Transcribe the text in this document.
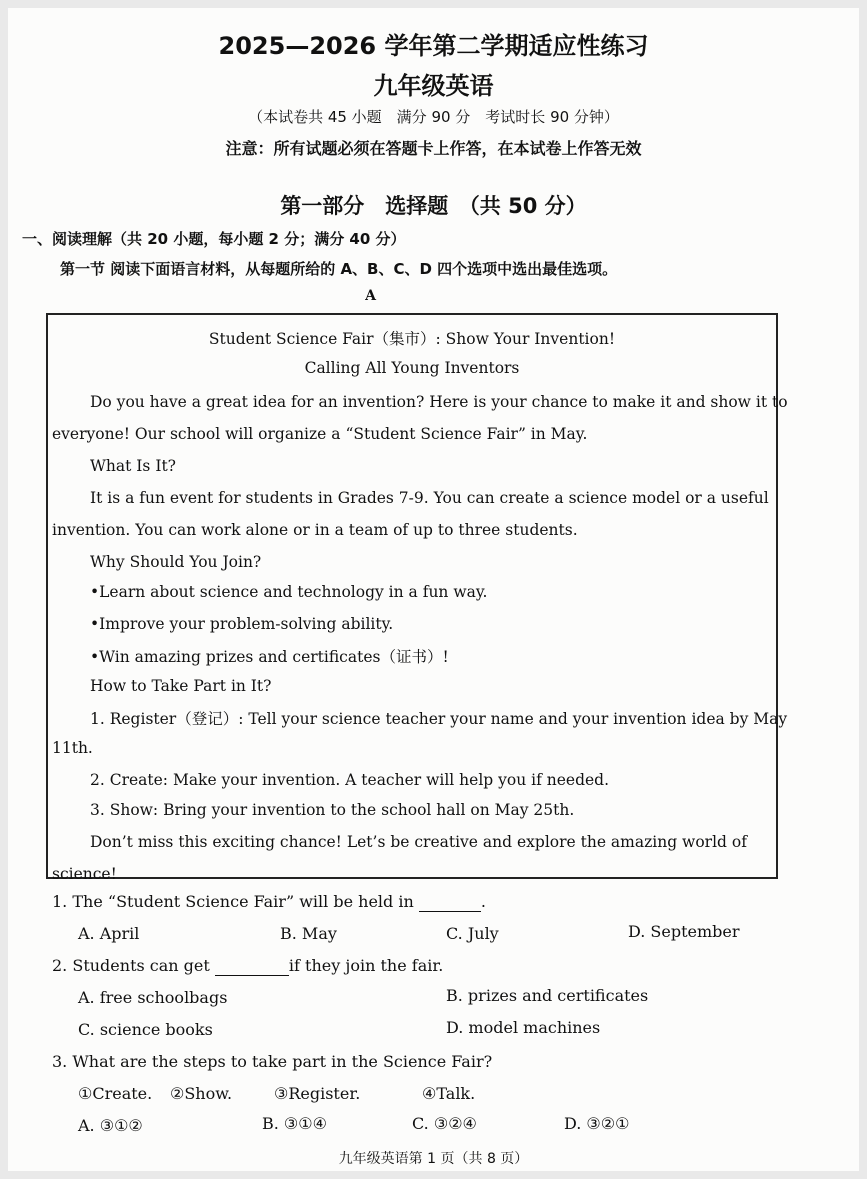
2025—2026 学年第二学期适应性练习
九年级英语
（本试卷共 45 小题　满分 90 分　考试时长 90 分钟）
注意：所有试题必须在答题卡上作答，在本试卷上作答无效
第一部分　选择题　（共 50 分）
一、阅读理解（共 20 小题，每小题 2 分；满分 40 分）
第一节 阅读下面语言材料，从每题所给的 A、B、C、D 四个选项中选出最佳选项。
A
Student Science Fair（集市）: Show Your Invention!
Calling All Young Inventors
Do you have a great idea for an invention? Here is your chance to make it and show it to
everyone! Our school will organize a “Student Science Fair” in May.
What Is It?
It is a fun event for students in Grades 7-9. You can create a science model or a useful
invention. You can work alone or in a team of up to three students.
Why Should You Join?
•Learn about science and technology in a fun way.
•Improve your problem-solving ability.
•Win amazing prizes and certificates（证书）!
How to Take Part in It?
1. Register（登记）: Tell your science teacher your name and your invention idea by May
11th.
2. Create: Make your invention. A teacher will help you if needed.
3. Show: Bring your invention to the school hall on May 25th.
Don’t miss this exciting chance! Let’s be creative and explore the amazing world of
science!
1. The “Student Science Fair” will be held in	.
A. April	B. May	C. July	D. September
2. Students can get	if they join the fair.
A. free schoolbags	B. prizes and certificates
C. science books	D. model machines
3. What are the steps to take part in the Science Fair?
①Create. ②Show.	③Register.	④Talk.
A. ③①②	B. ③①④	C. ③②④	D. ③②①
九年级英语第 1 页（共 8 页）
